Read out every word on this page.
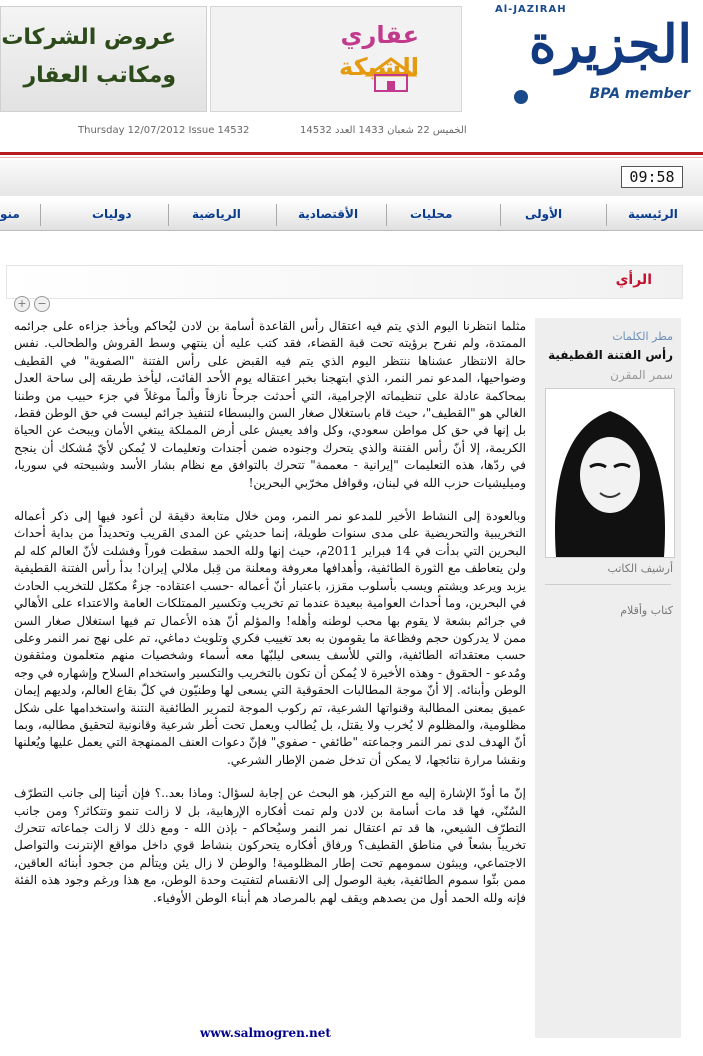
عروض الشركات
ومكاتب العقار
عقاري
الشبكة
Al-JAZIRAH
الجزيرة
BPA member
Thursday 12/07/2012 Issue 14532	الخميس 22 شعبان 1433 العدد 14532
09:58
الرئيسية
الأولى
محليات
الأقتصادية
الرياضية
دوليات
منو
الرأي
+ −
مطر الكلمات
رأس الفتنة القطيفية
سمر المقرن
أرشيف الكاتب
كتاب وأقلام

مثلما انتظرنا اليوم الذي يتم فيه اعتقال رأس القاعدة أسامة بن لادن ليُحاكم ويأخذ جزاءه على جرائمه الممتدة، ولم نفرح برؤيته تحت قبة القضاء، فقد كتب عليه أن ينتهي وسط القروش والطحالب. نفس حالة الانتظار عشناها ننتظر اليوم الذي يتم فيه القبض على رأس الفتنة "الصفوية" في القطيف وضواحيها، المدعو نمر النمر، الذي ابتهجنا بخبر اعتقاله يوم الأحد الفائت، ليأخذ طريقه إلى ساحة العدل بمحاكمة عادلة على تنظيماته الإجرامية، التي أحدثت جرحاً نازفاً وألماً موغلاً في جزء حبيب من وطننا الغالي هو "القطيف"، حيث قام باستغلال صغار السن والبسطاء لتنفيذ جرائم ليست في حق الوطن فقط، بل إنها في حق كل مواطن سعودي، وكل وافد يعيش على أرض المملكة يبتغي الأمان ويبحث عن الحياة الكريمة، إلا أنّ رأس الفتنة والذي يتحرك وجنوده ضمن أجندات وتعليمات لا يُمكن لأيّ مُشكك أن ينجح في ردّها، هذه التعليمات "إيرانية - معممة" تتحرك بالتوافق مع نظام بشار الأسد وشبيحته في سوريا، وميليشيات حزب الله في لبنان، وقوافل مخرّبي البحرين!

وبالعودة إلى النشاط الأخير للمدعو نمر النمر، ومن خلال متابعة دقيقة لن أعود فيها إلى ذكر أعماله التخريبية والتحريضية على مدى سنوات طويلة، إنما حديثي عن المدى القريب وتحديداً من بداية أحداث البحرين التي بدأت في 14 فبراير 2011م، حيث إنها ولله الحمد سقطت فوراً وفشلت لأنّ العالم كله لم ولن يتعاطف مع الثورة الطائفية، وأهدافها معروفة ومعلنة من قِبل ملالي إيران! بدأ رأس الفتنة القطيفية يزبد ويرعد ويشتم ويسب بأسلوب مقزز، باعتبار أنّ أعماله -حسب اعتقاده- جزءٌ مكمّل للتخريب الحادث في البحرين، وما أحداث العوامية ببعيدة عندما تم تخريب وتكسير الممتلكات العامة والاعتداء على الأهالي في جرائم بشعة لا يقوم بها محب لوطنه وأهله! والمؤلم أنّ هذه الأعمال تم فيها استغلال صغار السن ممن لا يدركون حجم وفظاعة ما يقومون به بعد تغييب فكري وتلويث دماغي، تم على نهج نمر النمر وعلى حسب معتقداته الطائفية، والتي للأسف يسعى ليلبّها معه أسماء وشخصيات منهم متعلمون ومثقفون ومُدعو - الحقوق - وهذه الأخيرة لا يُمكن أن تكون بالتخريب والتكسير واستخدام السلاح وإشهاره في وجه الوطن وأبنائه. إلا أنّ موجة المطالبات الحقوقية التي يسعى لها وطنيّون في كلّ بقاع العالم، ولديهم إيمان عميق بمعنى المطالبة وقنواتها الشرعية، تم ركوب الموجة لتمرير الطائفية النتنة واستخدامها على شكل مظلومية، والمظلوم لا يُخرب ولا يقتل، بل يُطالب ويعمل تحت أطر شرعية وقانونية لتحقيق مطالبه، وبما أنّ الهدف لدى نمر النمر وجماعته "طائفي - صفوي" فإنّ دعوات العنف الممنهجة التي يعمل عليها ويُعلنها ونقشا مرارة نتائجها، لا يمكن أن تدخل ضمن الإطار الشرعي.

إنّ ما أودّ الإشارة إليه مع التركيز، هو البحث عن إجابة لسؤال: وماذا بعد..؟ فإن أتينا إلى جانب التطرّف السُنّي، فها قد مات أسامة بن لادن ولم تمت أفكاره الإرهابية، بل لا زالت تنمو وتتكاثر؟ ومن جانب التطرّف الشيعي، ها قد تم اعتقال نمر النمر وسيُحاكم - بإذن الله - ومع ذلك لا زالت جماعاته تتحرك تخريباً بشعاً في مناطق القطيف؟ ورفاق أفكاره يتحركون بنشاط قوي داخل مواقع الإنترنت والتواصل الاجتماعي، ويبثون سمومهم تحت إطار المظلومية! والوطن لا زال يئن ويتألم من جحود أبنائه العاقين، ممن بثّوا سموم الطائفية، بغية الوصول إلى الانقسام لتفتيت وحدة الوطن، مع هذا ورغم وجود هذه الفئة فإنه ولله الحمد أول من يصدهم ويقف لهم بالمرصاد هم أبناء الوطن الأوفياء.

www.salmogren.net
